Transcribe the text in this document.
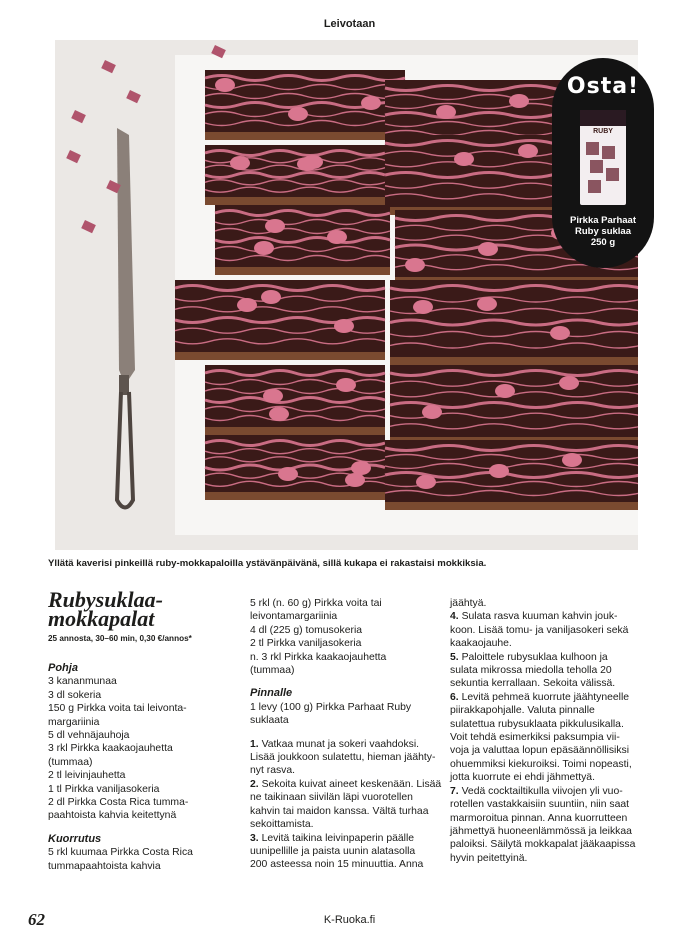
Leivotaan
Osta!
RUBY
Pirkka Parhaat
Ruby suklaa
250 g
Yllätä kaverisi pinkeillä ruby-mokkapaloilla ystävänpäivänä, sillä kukapa ei rakastaisi mokkiksia.
Rubysuklaa-
mokkapalat
25 annosta, 30–60 min, 0,30 €/annos*
Pohja
3 kananmunaa
3 dl sokeria
150 g Pirkka voita tai leivonta-
margariinia
5 dl vehnäjauhoja
3 rkl Pirkka kaakaojauhetta
(tummaa)
2 tl leivinjauhetta
1 tl Pirkka vaniljasokeria
2 dl Pirkka Costa Rica tumma-
paahtoista kahvia keitettynä
Kuorrutus
5 rkl kuumaa Pirkka Costa Rica
tummapaahtoista kahvia
5 rkl (n. 60 g) Pirkka voita tai
leivontamargariinia
4 dl (225 g) tomusokeria
2 tl Pirkka vaniljasokeria
n. 3 rkl Pirkka kaakaojauhetta
(tummaa)
Pinnalle
1 levy (100 g) Pirkka Parhaat Ruby
suklaata
1. Vatkaa munat ja sokeri vaahdoksi.
Lisää joukkoon sulatettu, hieman jäähty-
nyt rasva.
2. Sekoita kuivat aineet keskenään. Lisää
ne taikinaan siivilän läpi vuorotellen
kahvin tai maidon kanssa. Vältä turhaa
sekoittamista.
3. Levitä taikina leivinpaperin päälle
uunipellille ja paista uunin alatasolla
200 asteessa noin 15 minuuttia. Anna
jäähtyä.
4. Sulata rasva kuuman kahvin jouk-
koon. Lisää tomu- ja vaniljasokeri sekä
kaakaojauhe.
5. Paloittele rubysuklaa kulhoon ja
sulata mikrossa miedolla teholla 20
sekuntia kerrallaan. Sekoita välissä.
6. Levitä pehmeä kuorrute jäähtyneelle
piirakkapohjalle. Valuta pinnalle
sulatettua rubysuklaata pikkulusikalla.
Voit tehdä esimerkiksi paksumpia vii-
voja ja valuttaa lopun epäsäännöllisiksi
ohuemmiksi kiekuroiksi. Toimi nopeasti,
jotta kuorrute ei ehdi jähmettyä.
7. Vedä cocktailtikulla viivojen yli vuo-
rotellen vastakkaisiin suuntiin, niin saat
marmoroitua pinnan. Anna kuorrutteen
jähmettyä huoneenlämmössä ja leikkaa
paloiksi. Säilytä mokkapalat jääkaapissa
hyvin peitettyinä.
62	K-Ruoka.fi
